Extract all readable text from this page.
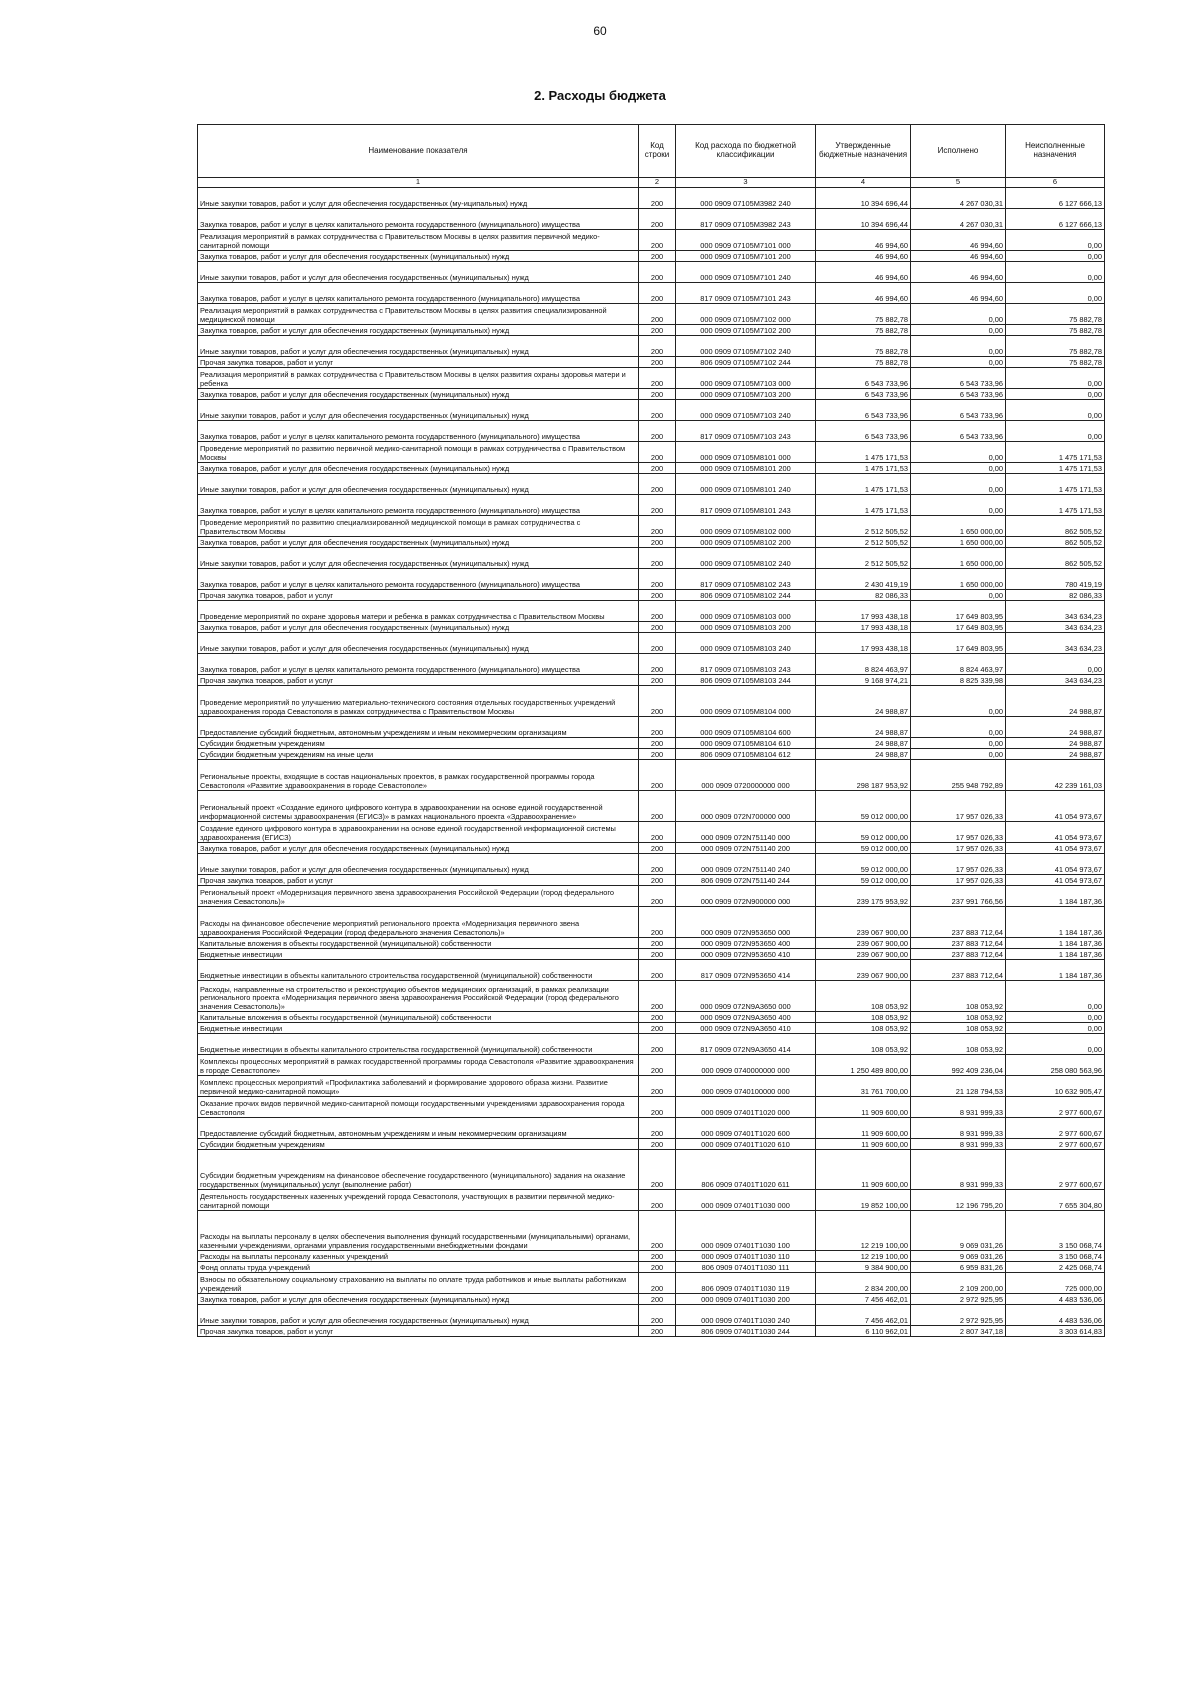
60
2. Расходы бюджета
Наименование показателя	Код строки	Код расхода по бюджетной классификации	Утвержденные бюджетные назначения	Исполнено	Неисполненные назначения
1	2	3	4	5	6
Иные закупки товаров, работ и услуг для обеспечения государственных (му-иципальных) нужд	200	000 0909 07105M3982 240	10 394 696,44	4 267 030,31	6 127 666,13
Закупка товаров, работ и услуг в целях капитального ремонта государственного (муниципального) имущества	200	817 0909 07105M3982 243	10 394 696,44	4 267 030,31	6 127 666,13
Реализация мероприятий в рамках сотрудничества с Правительством Москвы в целях развития первичной медико-санитарной помощи	200	000 0909 07105M7101 000	46 994,60	46 994,60	0,00
Закупка товаров, работ и услуг для обеспечения государственных (муниципальных) нужд	200	000 0909 07105M7101 200	46 994,60	46 994,60	0,00
Иные закупки товаров, работ и услуг для обеспечения государственных (муниципальных) нужд	200	000 0909 07105M7101 240	46 994,60	46 994,60	0,00
Закупка товаров, работ и услуг в целях капитального ремонта государственного (муниципального) имущества	200	817 0909 07105M7101 243	46 994,60	46 994,60	0,00
Реализация мероприятий в рамках сотрудничества с Правительством Москвы в целях развития специализированной медицинской помощи	200	000 0909 07105M7102 000	75 882,78	0,00	75 882,78
Закупка товаров, работ и услуг для обеспечения государственных (муниципальных) нужд	200	000 0909 07105M7102 200	75 882,78	0,00	75 882,78
Иные закупки товаров, работ и услуг для обеспечения государственных (муниципальных) нужд	200	000 0909 07105M7102 240	75 882,78	0,00	75 882,78
Прочая закупка товаров, работ и услуг	200	806 0909 07105M7102 244	75 882,78	0,00	75 882,78
Реализация мероприятий в рамках сотрудничества с Правительством Москвы в целях развития охраны здоровья матери и ребенка	200	000 0909 07105M7103 000	6 543 733,96	6 543 733,96	0,00
Закупка товаров, работ и услуг для обеспечения государственных (муниципальных) нужд	200	000 0909 07105M7103 200	6 543 733,96	6 543 733,96	0,00
Иные закупки товаров, работ и услуг для обеспечения государственных (муниципальных) нужд	200	000 0909 07105M7103 240	6 543 733,96	6 543 733,96	0,00
Закупка товаров, работ и услуг в целях капитального ремонта государственного (муниципального) имущества	200	817 0909 07105M7103 243	6 543 733,96	6 543 733,96	0,00
Проведение мероприятий по развитию первичной медико-санитарной помощи в рамках сотрудничества с Правительством Москвы	200	000 0909 07105M8101 000	1 475 171,53	0,00	1 475 171,53
Закупка товаров, работ и услуг для обеспечения государственных (муниципальных) нужд	200	000 0909 07105M8101 200	1 475 171,53	0,00	1 475 171,53
Иные закупки товаров, работ и услуг для обеспечения государственных (муниципальных) нужд	200	000 0909 07105M8101 240	1 475 171,53	0,00	1 475 171,53
Закупка товаров, работ и услуг в целях капитального ремонта государственного (муниципального) имущества	200	817 0909 07105M8101 243	1 475 171,53	0,00	1 475 171,53
Проведение мероприятий по развитию специализированной медицинской помощи в рамках сотрудничества с Правительством Москвы	200	000 0909 07105M8102 000	2 512 505,52	1 650 000,00	862 505,52
Закупка товаров, работ и услуг для обеспечения государственных (муниципальных) нужд	200	000 0909 07105M8102 200	2 512 505,52	1 650 000,00	862 505,52
Иные закупки товаров, работ и услуг для обеспечения государственных (муниципальных) нужд	200	000 0909 07105M8102 240	2 512 505,52	1 650 000,00	862 505,52
Закупка товаров, работ и услуг в целях капитального ремонта государственного (муниципального) имущества	200	817 0909 07105M8102 243	2 430 419,19	1 650 000,00	780 419,19
Прочая закупка товаров, работ и услуг	200	806 0909 07105M8102 244	82 086,33	0,00	82 086,33
Проведение мероприятий по охране здоровья матери и ребенка в рамках сотрудничества с Правительством Москвы	200	000 0909 07105M8103 000	17 993 438,18	17 649 803,95	343 634,23
Закупка товаров, работ и услуг для обеспечения государственных (муниципальных) нужд	200	000 0909 07105M8103 200	17 993 438,18	17 649 803,95	343 634,23
Иные закупки товаров, работ и услуг для обеспечения государственных (муниципальных) нужд	200	000 0909 07105M8103 240	17 993 438,18	17 649 803,95	343 634,23
Закупка товаров, работ и услуг в целях капитального ремонта государственного (муниципального) имущества	200	817 0909 07105M8103 243	8 824 463,97	8 824 463,97	0,00
Прочая закупка товаров, работ и услуг	200	806 0909 07105M8103 244	9 168 974,21	8 825 339,98	343 634,23
Проведение мероприятий по улучшению материально-технического состояния отдельных государственных учреждений здравоохранения города Севастополя в рамках сотрудничества с Правительством Москвы	200	000 0909 07105M8104 000	24 988,87	0,00	24 988,87
Предоставление субсидий бюджетным, автономным учреждениям и иным некоммерческим организациям	200	000 0909 07105M8104 600	24 988,87	0,00	24 988,87
Субсидии бюджетным учреждениям	200	000 0909 07105M8104 610	24 988,87	0,00	24 988,87
Субсидии бюджетным учреждениям на иные цели	200	806 0909 07105M8104 612	24 988,87	0,00	24 988,87
Региональные проекты, входящие в состав национальных проектов, в рамках государственной программы города Севастополя «Развитие здравоохранения в городе Севастополе»	200	000 0909 0720000000 000	298 187 953,92	255 948 792,89	42 239 161,03
Региональный проект «Создание единого цифрового контура в здравоохранении на основе единой государственной информационной системы здравоохранения (ЕГИСЗ)» в рамках национального проекта «Здравоохранение»	200	000 0909 072N700000 000	59 012 000,00	17 957 026,33	41 054 973,67
Создание единого цифрового контура в здравоохранении на основе единой государственной информационной системы здравоохранения (ЕГИСЗ)	200	000 0909 072N751140 000	59 012 000,00	17 957 026,33	41 054 973,67
Закупка товаров, работ и услуг для обеспечения государственных (муниципальных) нужд	200	000 0909 072N751140 200	59 012 000,00	17 957 026,33	41 054 973,67
Иные закупки товаров, работ и услуг для обеспечения государственных (муниципальных) нужд	200	000 0909 072N751140 240	59 012 000,00	17 957 026,33	41 054 973,67
Прочая закупка товаров, работ и услуг	200	806 0909 072N751140 244	59 012 000,00	17 957 026,33	41 054 973,67
Региональный проект «Модернизация первичного звена здравоохранения Российской Федерации (город федерального значения Севастополь)»	200	000 0909 072N900000 000	239 175 953,92	237 991 766,56	1 184 187,36
Расходы на финансовое обеспечение мероприятий регионального проекта «Модернизация первичного звена здравоохранения Российской Федерации (город федерального значения Севастополь)»	200	000 0909 072N953650 000	239 067 900,00	237 883 712,64	1 184 187,36
Капитальные вложения в объекты государственной (муниципальной) собственности	200	000 0909 072N953650 400	239 067 900,00	237 883 712,64	1 184 187,36
Бюджетные инвестиции	200	000 0909 072N953650 410	239 067 900,00	237 883 712,64	1 184 187,36
Бюджетные инвестиции в объекты капитального строительства государственной (муниципальной) собственности	200	817 0909 072N953650 414	239 067 900,00	237 883 712,64	1 184 187,36
Расходы, направленные на строительство и реконструкцию объектов медицинских организаций, в рамках реализации регионального проекта «Модернизация первичного звена здравоохранения Российской Федерации (город федерального значения Севастополь)»	200	000 0909 072N9A3650 000	108 053,92	108 053,92	0,00
Капитальные вложения в объекты государственной (муниципальной) собственности	200	000 0909 072N9A3650 400	108 053,92	108 053,92	0,00
Бюджетные инвестиции	200	000 0909 072N9A3650 410	108 053,92	108 053,92	0,00
Бюджетные инвестиции в объекты капитального строительства государственной (муниципальной) собственности	200	817 0909 072N9A3650 414	108 053,92	108 053,92	0,00
Комплексы процессных мероприятий в рамках государственной программы города Севастополя «Развитие здравоохранения в городе Севастополе»	200	000 0909 0740000000 000	1 250 489 800,00	992 409 236,04	258 080 563,96
Комплекс процессных мероприятий «Профилактика заболеваний и формирование здорового образа жизни. Развитие первичной медико-санитарной помощи»	200	000 0909 0740100000 000	31 761 700,00	21 128 794,53	10 632 905,47
Оказание прочих видов первичной медико-санитарной помощи государственными учреждениями здравоохранения города Севастополя	200	000 0909 07401T1020 000	11 909 600,00	8 931 999,33	2 977 600,67
Предоставление субсидий бюджетным, автономным учреждениям и иным некоммерческим организациям	200	000 0909 07401T1020 600	11 909 600,00	8 931 999,33	2 977 600,67
Субсидии бюджетным учреждениям	200	000 0909 07401T1020 610	11 909 600,00	8 931 999,33	2 977 600,67
Субсидии бюджетным учреждениям на финансовое обеспечение государственного (муниципального) задания на оказание государственных (муниципальных) услуг (выполнение работ)	200	806 0909 07401T1020 611	11 909 600,00	8 931 999,33	2 977 600,67
Деятельность государственных казенных учреждений города Севастополя, участвующих в развитии первичной медико-санитарной помощи	200	000 0909 07401T1030 000	19 852 100,00	12 196 795,20	7 655 304,80
Расходы на выплаты персоналу в целях обеспечения выполнения функций государственными (муниципальными) органами, казенными учреждениями, органами управления государственными внебюджетными фондами	200	000 0909 07401T1030 100	12 219 100,00	9 069 031,26	3 150 068,74
Расходы на выплаты персоналу казенных учреждений	200	000 0909 07401T1030 110	12 219 100,00	9 069 031,26	3 150 068,74
Фонд оплаты труда учреждений	200	806 0909 07401T1030 111	9 384 900,00	6 959 831,26	2 425 068,74
Взносы по обязательному социальному страхованию на выплаты по оплате труда работников и иные выплаты работникам учреждений	200	806 0909 07401T1030 119	2 834 200,00	2 109 200,00	725 000,00
Закупка товаров, работ и услуг для обеспечения государственных (муниципальных) нужд	200	000 0909 07401T1030 200	7 456 462,01	2 972 925,95	4 483 536,06
Иные закупки товаров, работ и услуг для обеспечения государственных (муниципальных) нужд	200	000 0909 07401T1030 240	7 456 462,01	2 972 925,95	4 483 536,06
Прочая закупка товаров, работ и услуг	200	806 0909 07401T1030 244	6 110 962,01	2 807 347,18	3 303 614,83
